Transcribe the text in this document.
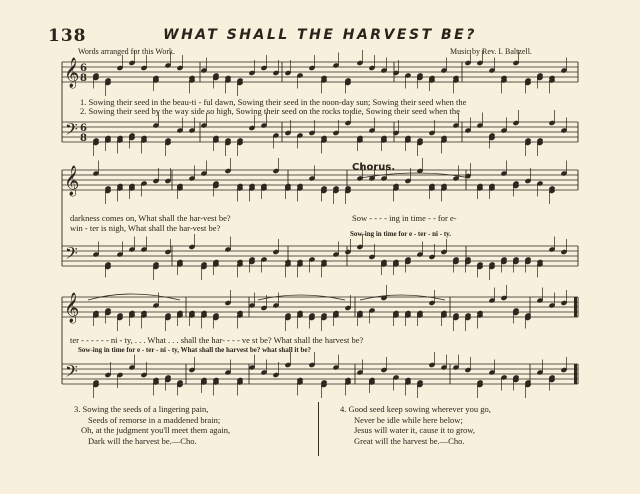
138	WHAT SHALL THE HARVEST BE?
Words arranged for this Work.	Music by Rev. I. Baltzell.
𝄞
𝄢
𝄞
𝄢
𝄞
𝄢
6
8
6
8
1. Sowing their seed in the beau-ti - ful dawn, Sowing their seed in the noon-day sun; Sowing their seed when the
2. Sowing their seed by the way side so high, Sowing their seed on the rocks to die, Sowing their seed when the
Chorus.
darkness comes on, What shall the har-vest be?
win - ter is nigh, What shall the har-vest be?
Sow - - - - ing in time - - for e-
Sow-ing in time for e - ter - ni - ty.
ter - - - - - - ni - ty, . . . What . . . shall the har- - - - ve st be? What shall the harvest be?
Sow-ing in time for e - ter - ni - ty, What shall the harvest be? what shall it be?
3. Sowing the seeds of a lingering pain,
Seeds of remorse in a maddened brain;
Oh, at the judgment you'll meet them again,
Dark will the harvest be.—Cho.
4. Good seed keep sowing wherever you go,
Never be idle while here below;
Jesus will water it, cause it to grow,
Great will the harvest be.—Cho.
